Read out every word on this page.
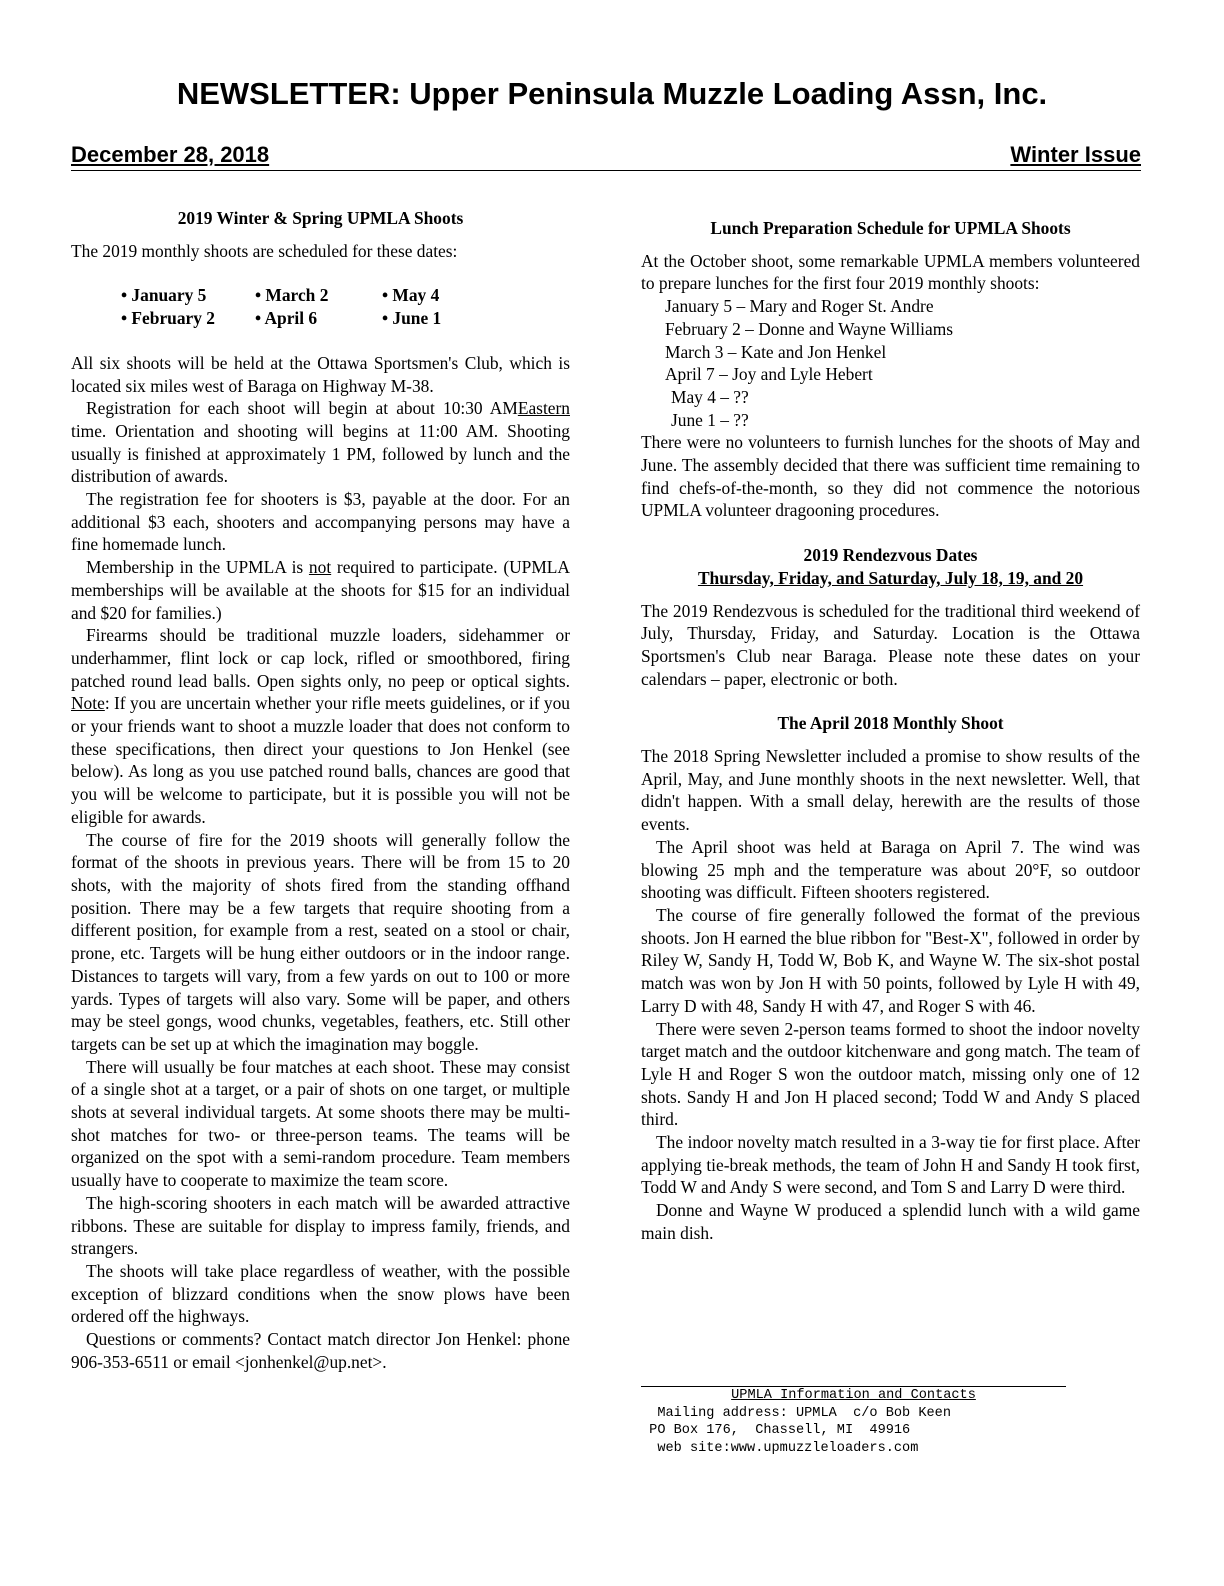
NEWSLETTER: Upper Peninsula Muzzle Loading Assn, Inc.
December 28, 2018	Winter Issue

2019 Winter & Spring UPMLA Shoots

The 2019 monthly shoots are scheduled for these dates:

• January 5	• March 2	• May 4
• February 2	• April 6	• June 1

All six shoots will be held at the Ottawa Sportsmen's Club, which is located six miles west of Baraga on Highway M-38.

Registration for each shoot will begin at about 10:30 AMEastern time. Orientation and shooting will begins at 11:00 AM. Shooting usually is finished at approximately 1 PM, followed by lunch and the distribution of awards.

The registration fee for shooters is $3, payable at the door. For an additional $3 each, shooters and accompanying persons may have a fine homemade lunch.

Membership in the UPMLA is not required to participate. (UPMLA memberships will be available at the shoots for $15 for an individual and $20 for families.)

Firearms should be traditional muzzle loaders, sidehammer or underhammer, flint lock or cap lock, rifled or smoothbored, firing patched round lead balls. Open sights only, no peep or optical sights. Note: If you are uncertain whether your rifle meets guidelines, or if you or your friends want to shoot a muzzle loader that does not conform to these specifications, then direct your questions to Jon Henkel (see below). As long as you use patched round balls, chances are good that you will be welcome to participate, but it is possible you will not be eligible for awards.

The course of fire for the 2019 shoots will generally follow the format of the shoots in previous years. There will be from 15 to 20 shots, with the majority of shots fired from the standing offhand position. There may be a few targets that require shooting from a different position, for example from a rest, seated on a stool or chair, prone, etc. Targets will be hung either outdoors or in the indoor range. Distances to targets will vary, from a few yards on out to 100 or more yards. Types of targets will also vary. Some will be paper, and others may be steel gongs, wood chunks, vegetables, feathers, etc. Still other targets can be set up at which the imagination may boggle.

There will usually be four matches at each shoot. These may consist of a single shot at a target, or a pair of shots on one target, or multiple shots at several individual targets. At some shoots there may be multi-shot matches for two- or three-person teams. The teams will be organized on the spot with a semi-random procedure. Team members usually have to cooperate to maximize the team score.

The high-scoring shooters in each match will be awarded attractive ribbons. These are suitable for display to impress family, friends, and strangers.

The shoots will take place regardless of weather, with the possible exception of blizzard conditions when the snow plows have been ordered off the highways.

Questions or comments? Contact match director Jon Henkel: phone 906-353-6511 or email <jonhenkel@up.net>.

Lunch Preparation Schedule for UPMLA Shoots

At the October shoot, some remarkable UPMLA members volunteered to prepare lunches for the first four 2019 monthly shoots:

January 5 – Mary and Roger St. Andre
February 2 – Donne and Wayne Williams
March 3 – Kate and Jon Henkel
April 7 – Joy and Lyle Hebert
May 4 – ??
June 1 – ??

There were no volunteers to furnish lunches for the shoots of May and June. The assembly decided that there was sufficient time remaining to find chefs-of-the-month, so they did not commence the notorious UPMLA volunteer dragooning procedures.

2019 Rendezvous Dates

Thursday, Friday, and Saturday, July 18, 19, and 20

The 2019 Rendezvous is scheduled for the traditional third weekend of July, Thursday, Friday, and Saturday. Location is the Ottawa Sportsmen's Club near Baraga. Please note these dates on your calendars – paper, electronic or both.

The April 2018 Monthly Shoot

The 2018 Spring Newsletter included a promise to show results of the April, May, and June monthly shoots in the next newsletter. Well, that didn't happen. With a small delay, herewith are the results of those events.

The April shoot was held at Baraga on April 7. The wind was blowing 25 mph and the temperature was about 20°F, so outdoor shooting was difficult. Fifteen shooters registered.

The course of fire generally followed the format of the previous shoots. Jon H earned the blue ribbon for "Best-X", followed in order by Riley W, Sandy H, Todd W, Bob K, and Wayne W. The six-shot postal match was won by Jon H with 50 points, followed by Lyle H with 49, Larry D with 48, Sandy H with 47, and Roger S with 46.

There were seven 2-person teams formed to shoot the indoor novelty target match and the outdoor kitchenware and gong match. The team of Lyle H and Roger S won the outdoor match, missing only one of 12 shots. Sandy H and Jon H placed second; Todd W and Andy S placed third.

The indoor novelty match resulted in a 3-way tie for first place. After applying tie-break methods, the team of John H and Sandy H took first, Todd W and Andy S were second, and Tom S and Larry D were third.

Donne and Wayne W produced a splendid lunch with a wild game main dish.

UPMLA Information and Contacts
Mailing address: UPMLA  c/o Bob Keen
PO Box 176,  Chassell, MI  49916
web site:www.upmuzzleloaders.com
